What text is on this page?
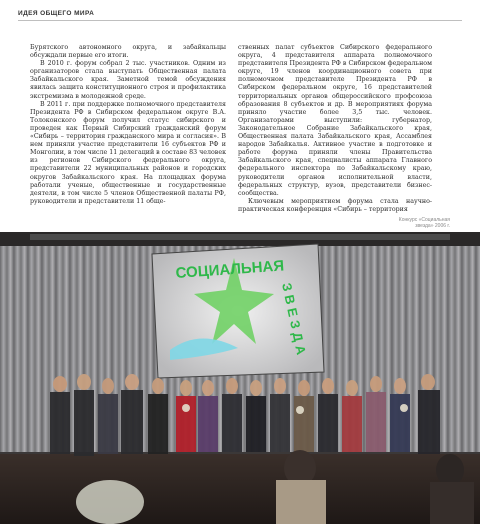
ИДЕЯ ОБЩЕГО МИРА

Бурятского автономного округа, и забайкальцы обсуждали первые его итоги.

В 2010 г. форум собрал 2 тыс. участников. Одним из организаторов стала выступать Общественная палата Забайкальского края. Заметной темой обсуждения явилась защита конституционного строя и профилактика экстремизма в молодежной среде.

В 2011 г. при поддержке полномочного представителя Президента РФ в Сибирском федеральном округе В.А. Толоконского форум получил статус сибирского и проведен как Первый Сибирский гражданский форум «Сибирь – территория гражданского мира и согласия». В нем приняли участие представители 16 субъектов РФ и Монголии, в том числе 11 делегаций в составе 83 человек из регионов Сибирского федерального округа, представители 22 муниципальных районов и городских округов Забайкальского края. На площадках форума работали ученые, общественные и государственные деятели, в том числе 5 членов Общественной палаты РФ, руководители и представители 11 обще-

ственных палат субъектов Сибирского федерального округа, 4 представителя аппарата полномочного представителя Президента РФ в Сибирском федеральном округе, 19 членов координационного совета при полномочном представителе Президента РФ в Сибирском федеральном округе, 16 представителей территориальных органов общероссийского профсоюза образования 8 субъектов и др. В мероприятиях форума приняло участие более 3,5 тыс. человек. Организаторами выступили: губернатор, Законодательное Собрание Забайкальского края, Общественная палата Забайкальского края, Ассамблея народов Забайкалья. Активное участие в подготовке и работе форума приняли члены Правительства Забайкальского края, специалисты аппарата Главного федерального инспектора по Забайкальскому краю, руководители органов исполнительной власти, федеральных структур, вузов, представители бизнес-сообщества.

Ключевым мероприятием форума стала научно-практическая конференция «Сибирь – территория

Конкурс «Социальная
звезда» 2006 г.
СОЦИАЛЬНАЯ
ЗВЕЗДА
